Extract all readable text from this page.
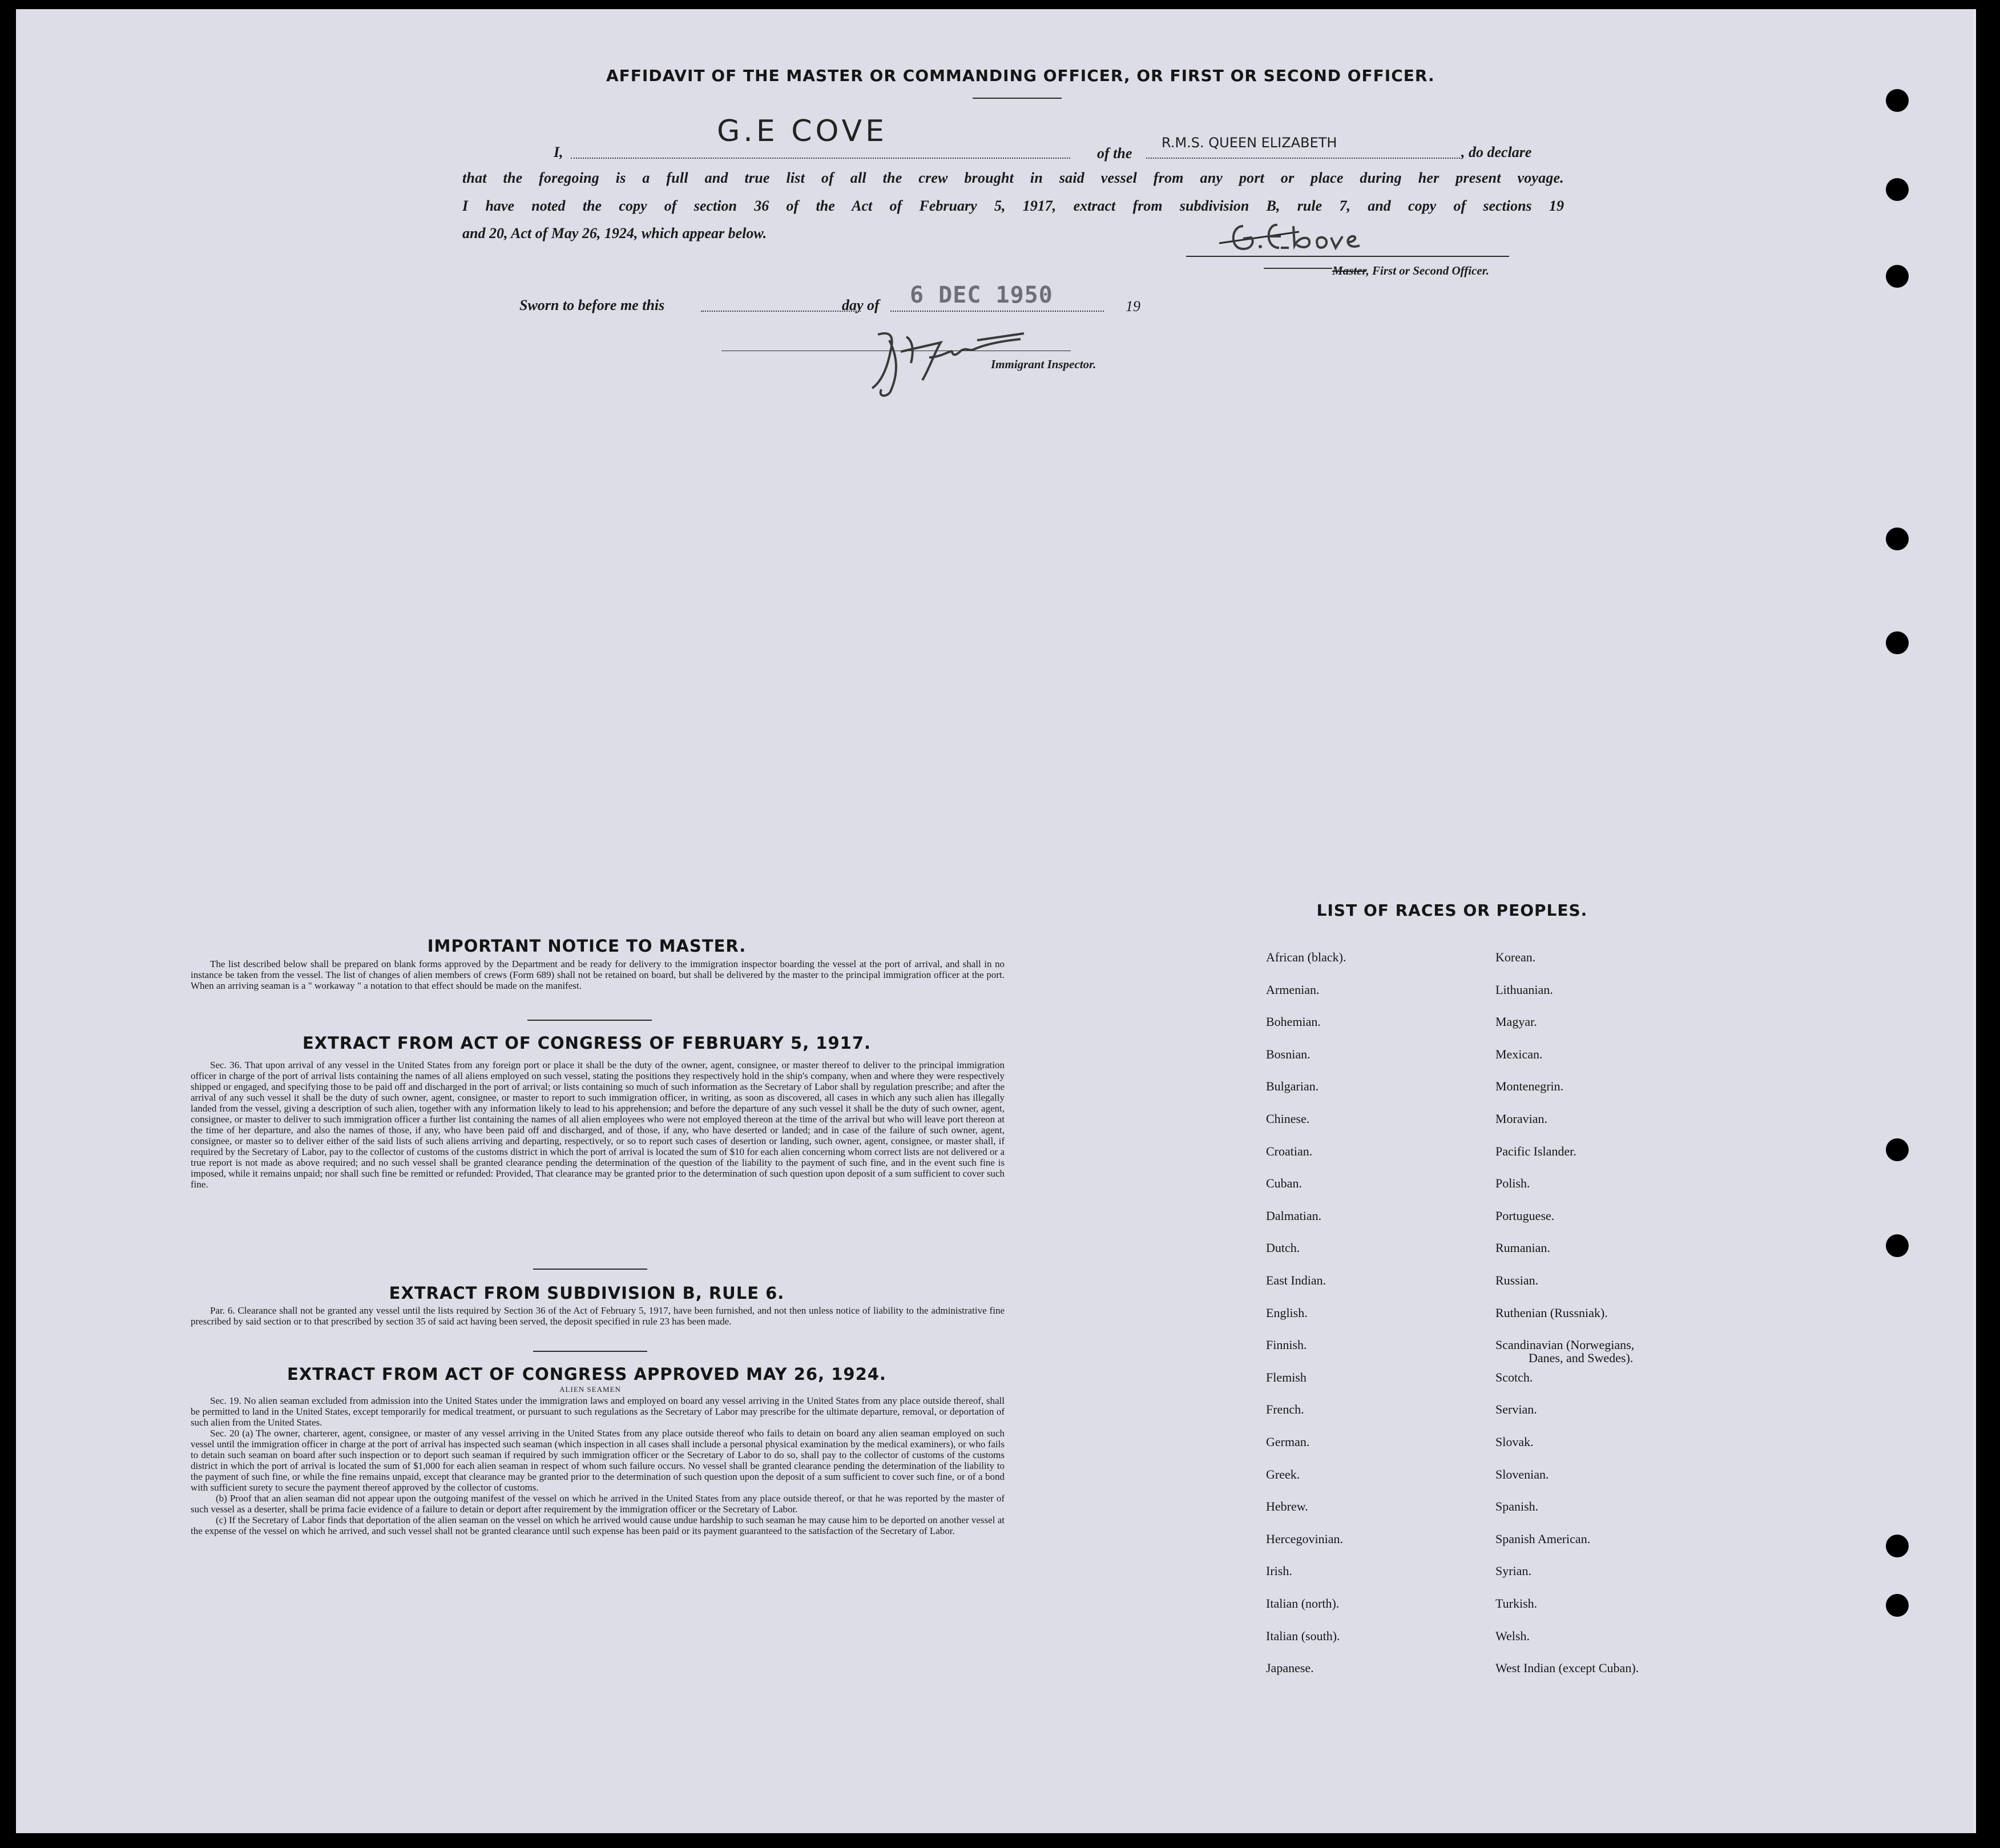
AFFIDAVIT OF THE MASTER OR COMMANDING OFFICER, OR FIRST OR SECOND OFFICER.
I,
G.E COVE
of the
R.M.S. QUEEN ELIZABETH
, do declare
that the foregoing is a full and true list of all the crew brought in said vessel from any port or place during her present voyage.
I have noted the copy of section 36 of the Act of February 5, 1917, extract from subdivision B, rule 7, and copy of sections 19
and 20, Act of May 26, 1924, which appear below.
G.E.Cove
Master, First or Second Officer.
Sworn to before me this	day of 6 DEC 1950	19
JJ Han
Immigrant Inspector.
IMPORTANT NOTICE TO MASTER.
The list described below shall be prepared on blank forms approved by the Department and be ready for delivery to the immigration inspector boarding the vessel at the port of arrival, and shall in no instance be taken from the vessel. The list of changes of alien members of crews (Form 689) shall not be retained on board, but shall be delivered by the master to the principal immigration officer at the port. When an arriving seaman is a " workaway " a notation to that effect should be made on the manifest.
EXTRACT FROM ACT OF CONGRESS OF FEBRUARY 5, 1917.
Sec. 36. That upon arrival of any vessel in the United States from any foreign port or place it shall be the duty of the owner, agent, consignee, or master thereof to deliver to the principal immigration officer in charge of the port of arrival lists containing the names of all aliens employed on such vessel, stating the positions they respectively hold in the ship's company, when and where they were respectively shipped or engaged, and specifying those to be paid off and discharged in the port of arrival; or lists containing so much of such information as the Secretary of Labor shall by regulation prescribe; and after the arrival of any such vessel it shall be the duty of such owner, agent, consignee, or master to report to such immigration officer, in writing, as soon as discovered, all cases in which any such alien has illegally landed from the vessel, giving a description of such alien, together with any information likely to lead to his apprehension; and before the departure of any such vessel it shall be the duty of such owner, agent, consignee, or master to deliver to such immigration officer a further list containing the names of all alien employees who were not employed thereon at the time of the arrival but who will leave port thereon at the time of her departure, and also the names of those, if any, who have been paid off and discharged, and of those, if any, who have deserted or landed; and in case of the failure of such owner, agent, consignee, or master so to deliver either of the said lists of such aliens arriving and departing, respectively, or so to report such cases of desertion or landing, such owner, agent, consignee, or master shall, if required by the Secretary of Labor, pay to the collector of customs of the customs district in which the port of arrival is located the sum of $10 for each alien concerning whom correct lists are not delivered or a true report is not made as above required; and no such vessel shall be granted clearance pending the determination of the question of the liability to the payment of such fine, and in the event such fine is imposed, while it remains unpaid; nor shall such fine be remitted or refunded: Provided, That clearance may be granted prior to the determination of such question upon deposit of a sum sufficient to cover such fine.
EXTRACT FROM SUBDIVISION B, RULE 6.
Par. 6. Clearance shall not be granted any vessel until the lists required by Section 36 of the Act of February 5, 1917, have been furnished, and not then unless notice of liability to the administrative fine prescribed by said section or to that prescribed by section 35 of said act having been served, the deposit specified in rule 23 has been made.
EXTRACT FROM ACT OF CONGRESS APPROVED MAY 26, 1924.
ALIEN SEAMEN

Sec. 19. No alien seaman excluded from admission into the United States under the immigration laws and employed on board any vessel arriving in the United States from any place outside thereof, shall be permitted to land in the United States, except temporarily for medical treatment, or pursuant to such regulations as the Secretary of Labor may prescribe for the ultimate departure, removal, or deportation of such alien from the United States.

Sec. 20 (a) The owner, charterer, agent, consignee, or master of any vessel arriving in the United States from any place outside thereof who fails to detain on board any alien seaman employed on such vessel until the immigration officer in charge at the port of arrival has inspected such seaman (which inspection in all cases shall include a personal physical examination by the medical examiners), or who fails to detain such seaman on board after such inspection or to deport such seaman if required by such immigration officer or the Secretary of Labor to do so, shall pay to the collector of customs of the customs district in which the port of arrival is located the sum of $1,000 for each alien seaman in respect of whom such failure occurs. No vessel shall be granted clearance pending the determination of the liability to the payment of such fine, or while the fine remains unpaid, except that clearance may be granted prior to the determination of such question upon the deposit of a sum sufficient to cover such fine, or of a bond with sufficient surety to secure the payment thereof approved by the collector of customs.

(b) Proof that an alien seaman did not appear upon the outgoing manifest of the vessel on which he arrived in the United States from any place outside thereof, or that he was reported by the master of such vessel as a deserter, shall be prima facie evidence of a failure to detain or deport after requirement by the immigration officer or the Secretary of Labor.

(c) If the Secretary of Labor finds that deportation of the alien seaman on the vessel on which he arrived would cause undue hardship to such seaman he may cause him to be deported on another vessel at the expense of the vessel on which he arrived, and such vessel shall not be granted clearance until such expense has been paid or its payment guaranteed to the satisfaction of the Secretary of Labor.

LIST OF RACES OR PEOPLES.
Danes, and Swedes).
African (black).
Armenian.
Bohemian.
Bosnian.
Bulgarian.
Chinese.
Croatian.
Cuban.
Dalmatian.
Dutch.
East Indian.
English.
Finnish.
Flemish
French.
German.
Greek.
Hebrew.
Hercegovinian.
Irish.
Italian (north).
Italian (south).
Japanese.
Korean.
Lithuanian.
Magyar.
Mexican.
Montenegrin.
Moravian.
Pacific Islander.
Polish.
Portuguese.
Rumanian.
Russian.
Ruthenian (Russniak).
Scandinavian (Norwegians,
Scotch.
Servian.
Slovak.
Slovenian.
Spanish.
Spanish American.
Syrian.
Turkish.
Welsh.
West Indian (except Cuban).
